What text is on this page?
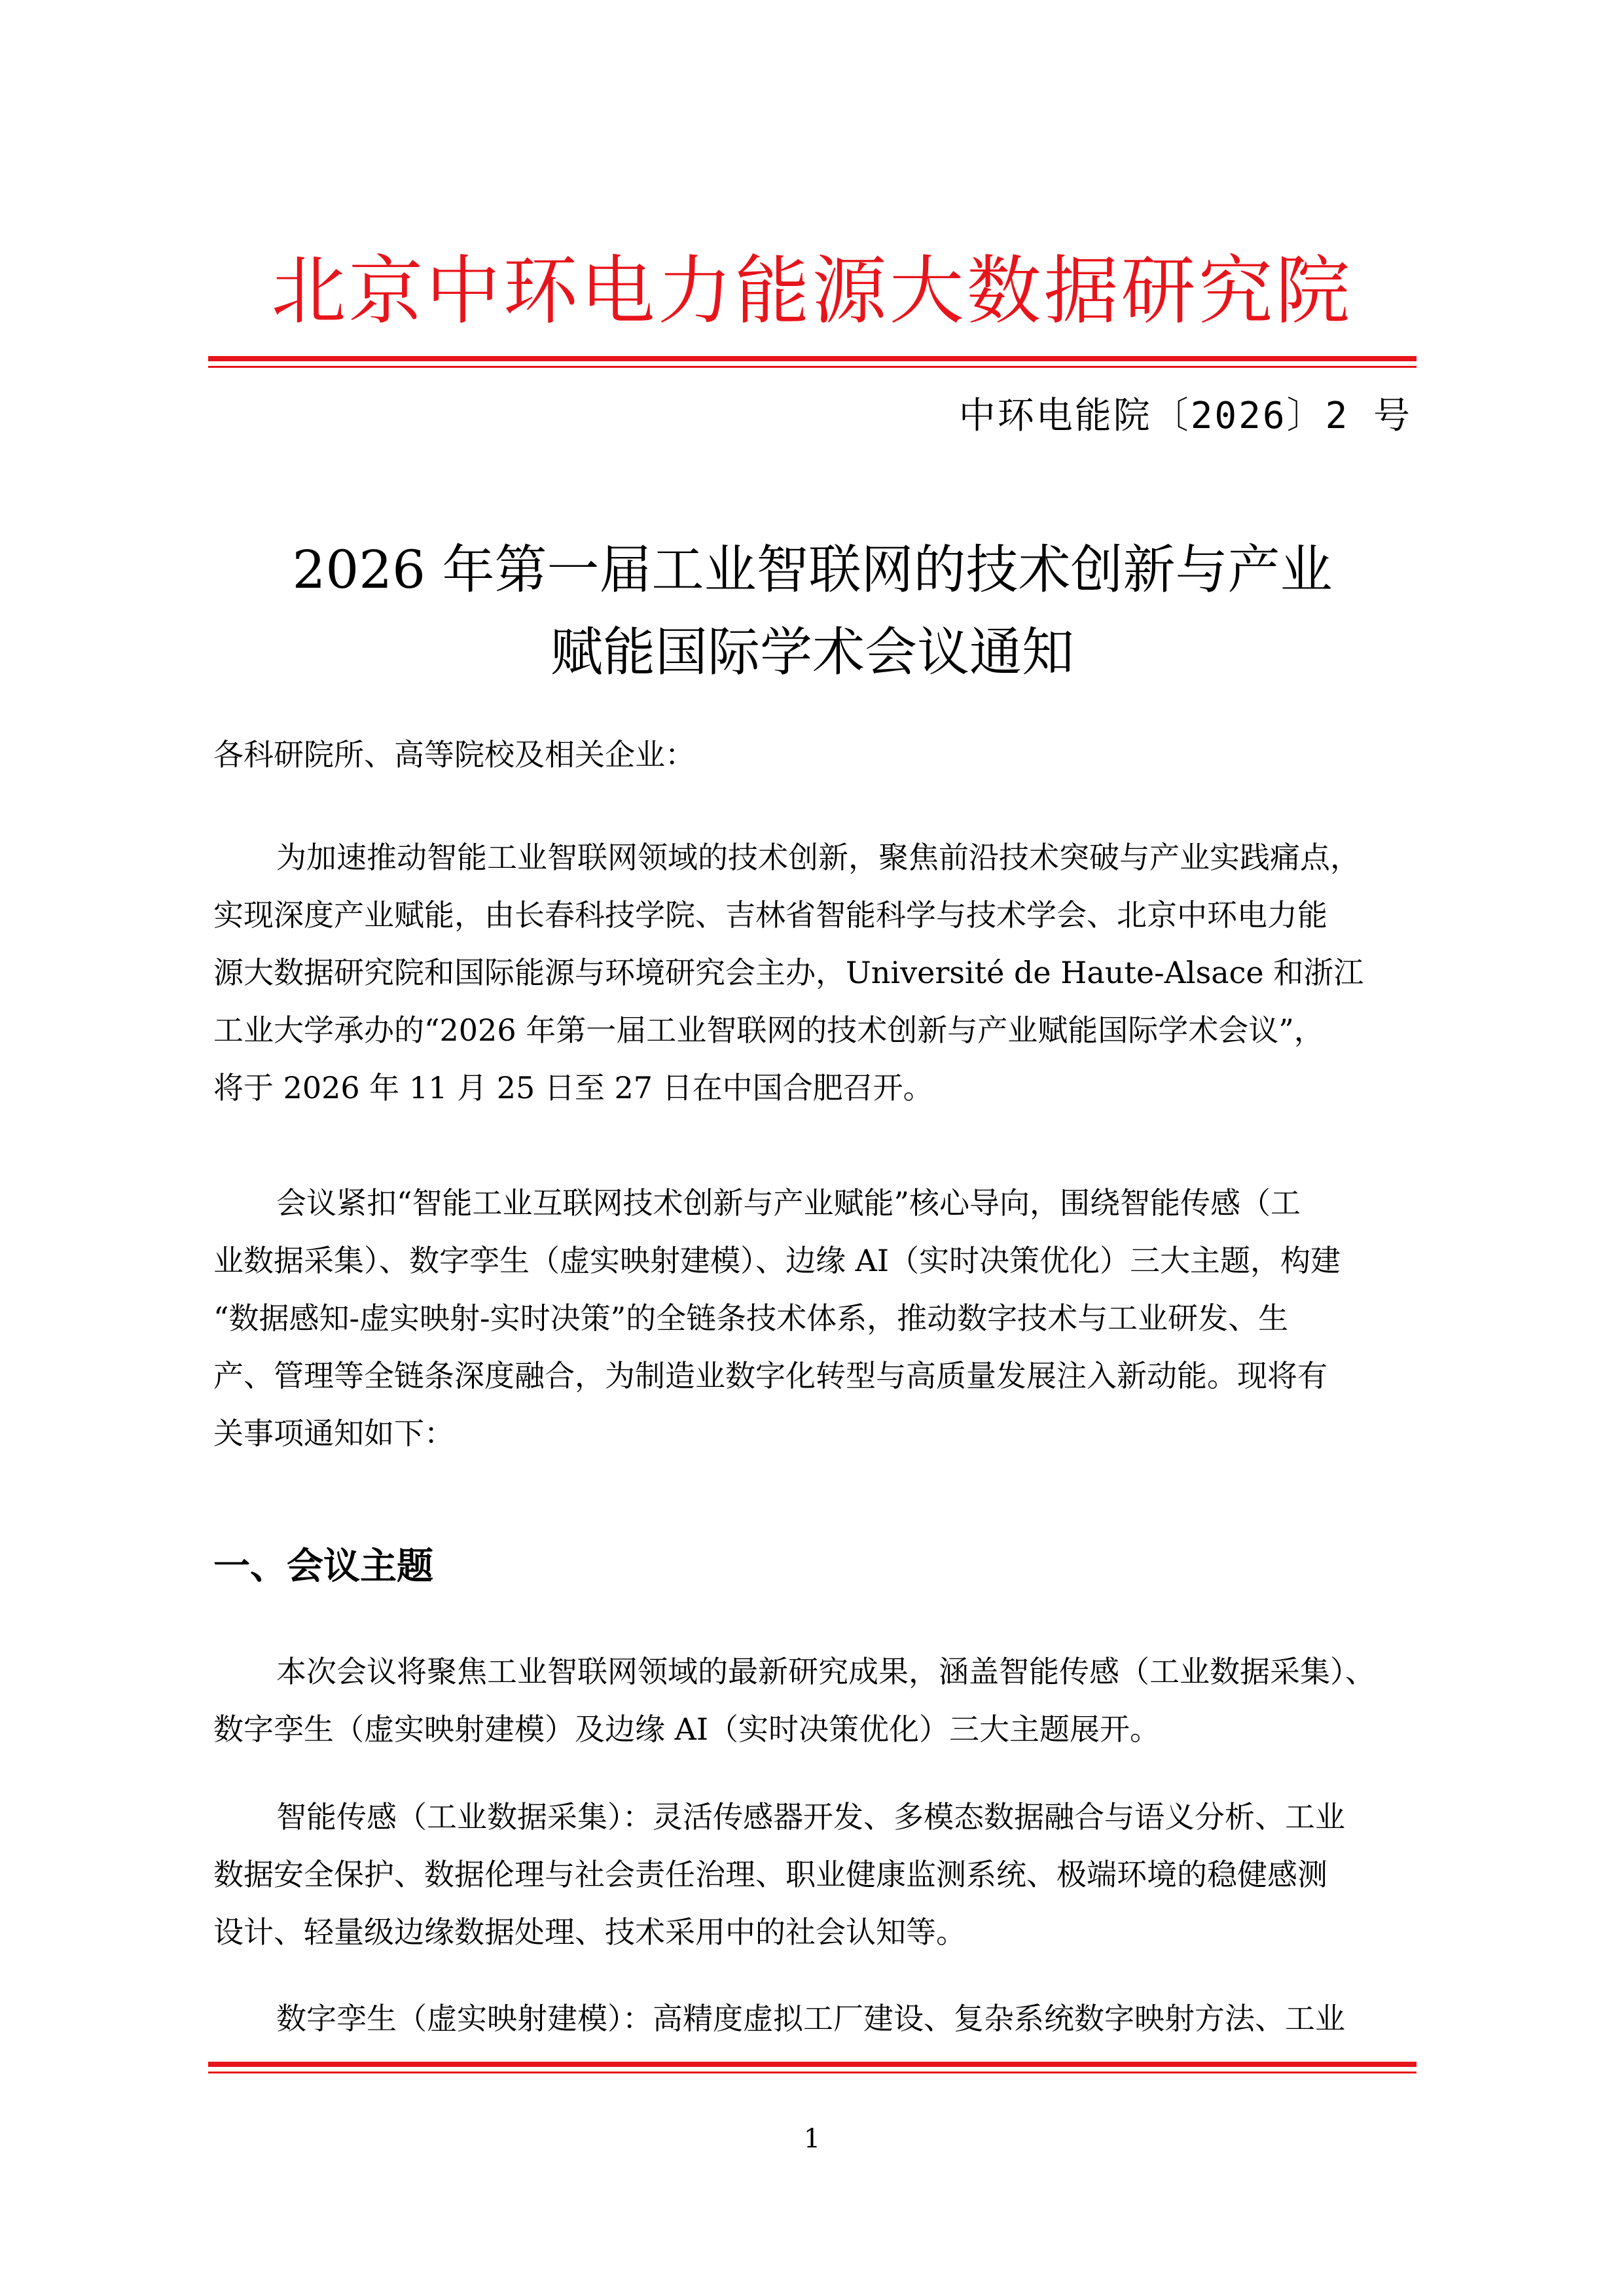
北京中环电力能源大数据研究院
中环电能院〔2026〕2 号
2026 年第一届工业智联网的技术创新与产业
赋能国际学术会议通知
各科研院所、高等院校及相关企业：
为加速推动智能工业智联网领域的技术创新，聚焦前沿技术突破与产业实践痛点，
实现深度产业赋能，由长春科技学院、吉林省智能科学与技术学会、北京中环电力能
源大数据研究院和国际能源与环境研究会主办，Université de Haute-Alsace 和浙江
工业大学承办的“2026 年第一届工业智联网的技术创新与产业赋能国际学术会议”，
将于 2026 年 11 月 25 日至 27 日在中国合肥召开。
会议紧扣“智能工业互联网技术创新与产业赋能”核心导向，围绕智能传感（工
业数据采集）、数字孪生（虚实映射建模）、边缘 AI（实时决策优化）三大主题，构建
“数据感知-虚实映射-实时决策”的全链条技术体系，推动数字技术与工业研发、生
产、管理等全链条深度融合，为制造业数字化转型与高质量发展注入新动能。现将有
关事项通知如下：
一、会议主题
本次会议将聚焦工业智联网领域的最新研究成果，涵盖智能传感（工业数据采集）、
数字孪生（虚实映射建模）及边缘 AI（实时决策优化）三大主题展开。
智能传感（工业数据采集）：灵活传感器开发、多模态数据融合与语义分析、工业
数据安全保护、数据伦理与社会责任治理、职业健康监测系统、极端环境的稳健感测
设计、轻量级边缘数据处理、技术采用中的社会认知等。
数字孪生（虚实映射建模）：高精度虚拟工厂建设、复杂系统数字映射方法、工业
1
